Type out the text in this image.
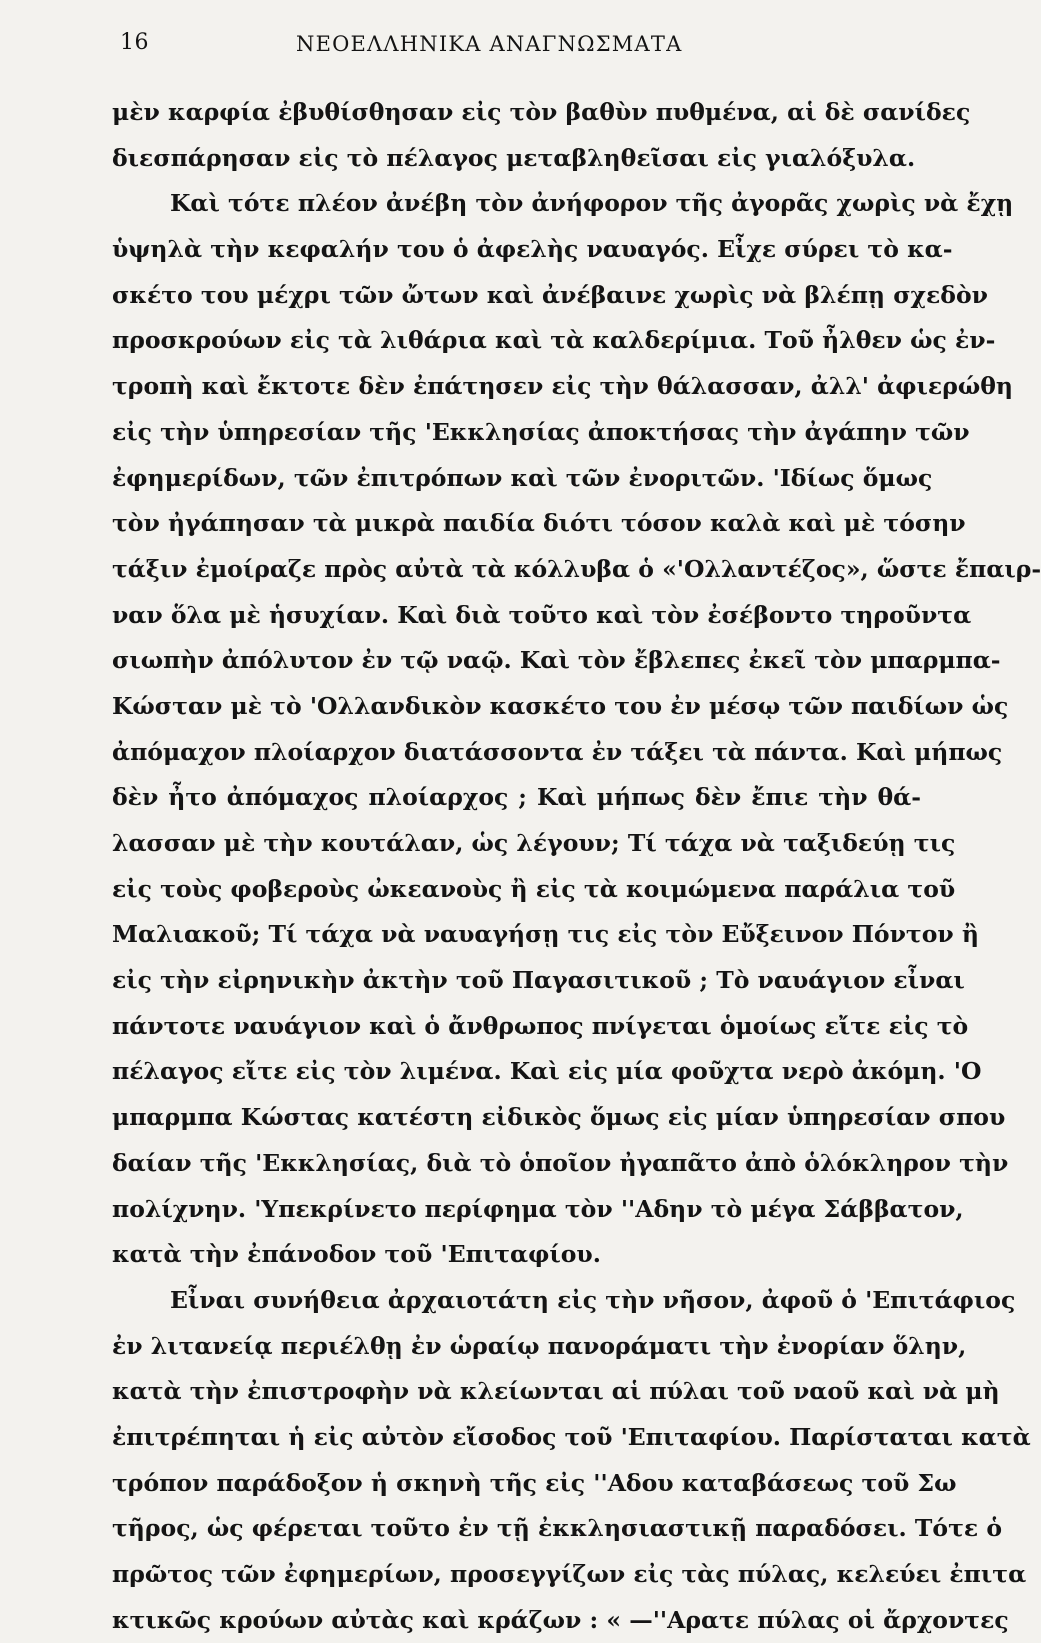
16	ΝΕΟΕΛΛΗΝΙΚΑ ΑΝΑΓΝΩΣΜΑΤΑ
μὲν καρφία ἐβυθίσθησαν εἰς τὸν βαθὺν πυθμένα, αἱ δὲ σανίδες
διεσπάρησαν εἰς τὸ πέλαγος μεταβληθεῖσαι εἰς γιαλόξυλα.
Καὶ τότε πλέον ἀνέβη τὸν ἀνήφορον τῆς ἀγορᾶς χωρὶς νὰ ἔχῃ
ὑψηλὰ τὴν κεφαλήν του ὁ ἀφελὴς ναυαγός. Εἶχε σύρει τὸ κα-
σκέτο του μέχρι τῶν ὤτων καὶ ἀνέβαινε χωρὶς νὰ βλέπῃ σχεδὸν
προσκρούων εἰς τὰ λιθάρια καὶ τὰ καλδερίμια. Τοῦ ἦλθεν ὡς ἐν-
τροπὴ καὶ ἔκτοτε δὲν ἐπάτησεν εἰς τὴν θάλασσαν, ἀλλ' ἀφιερώθη
εἰς τὴν ὑπηρεσίαν τῆς 'Εκκλησίας ἀποκτήσας τὴν ἀγάπην τῶν
ἐφημερίδων, τῶν ἐπιτρόπων καὶ τῶν ἐνοριτῶν. 'Ιδίως ὅμως
τὸν ἠγάπησαν τὰ μικρὰ παιδία διότι τόσον καλὰ καὶ μὲ τόσην
τάξιν ἐμοίραζε πρὸς αὐτὰ τὰ κόλλυβα ὁ «'Ολλαντέζος», ὥστε ἔπαιρ-
ναν ὅλα μὲ ἡσυχίαν. Καὶ διὰ τοῦτο καὶ τὸν ἐσέβοντο τηροῦντα
σιωπὴν ἀπόλυτον ἐν τῷ ναῷ. Καὶ τὸν ἔβλεπες ἐκεῖ τὸν μπαρμπα-
Κώσταν μὲ τὸ 'Ολλανδικὸν κασκέτο του ἐν μέσῳ τῶν παιδίων ὡς
ἀπόμαχον πλοίαρχον διατάσσοντα ἐν τάξει τὰ πάντα. Καὶ μήπως
δὲν ἦτο ἀπόμαχος πλοίαρχος ; Καὶ μήπως δὲν ἔπιε τὴν θά-
λασσαν μὲ τὴν κουτάλαν, ὡς λέγουν; Τί τάχα νὰ ταξιδεύῃ τις
εἰς τοὺς φοβεροὺς ὠκεανοὺς ἢ εἰς τὰ κοιμώμενα παράλια τοῦ
Μαλιακοῦ; Τί τάχα νὰ ναυαγήσῃ τις εἰς τὸν Εὔξεινον Πόντον ἢ
εἰς τὴν εἰρηνικὴν ἀκτὴν τοῦ Παγασιτικοῦ ; Τὸ ναυάγιον εἶναι
πάντοτε ναυάγιον καὶ ὁ ἄνθρωπος πνίγεται ὁμοίως εἴτε εἰς τὸ
πέλαγος εἴτε εἰς τὸν λιμένα. Καὶ εἰς μία φοῦχτα νερὸ ἀκόμη. 'Ο
μπαρμπα Κώστας κατέστη εἰδικὸς ὅμως εἰς μίαν ὑπηρεσίαν σπου
δαίαν τῆς 'Εκκλησίας, διὰ τὸ ὁποῖον ἠγαπᾶτο ἀπὸ ὁλόκληρον τὴν
πολίχνην. 'Υπεκρίνετο περίφημα τὸν ''Αδην τὸ μέγα Σάββατον,
κατὰ τὴν ἐπάνοδον τοῦ 'Επιταφίου.
Εἶναι συνήθεια ἀρχαιοτάτη εἰς τὴν νῆσον, ἀφοῦ ὁ 'Επιτάφιος
ἐν λιτανείᾳ περιέλθῃ ἐν ὡραίῳ πανοράματι τὴν ἐνορίαν ὅλην,
κατὰ τὴν ἐπιστροφὴν νὰ κλείωνται αἱ πύλαι τοῦ ναοῦ καὶ νὰ μὴ
ἐπιτρέπηται ἡ εἰς αὐτὸν εἴσοδος τοῦ 'Επιταφίου. Παρίσταται κατὰ
τρόπον παράδοξον ἡ σκηνὴ τῆς εἰς ''Αδου καταβάσεως τοῦ Σω
τῆρος, ὡς φέρεται τοῦτο ἐν τῇ ἐκκλησιαστικῇ παραδόσει. Τότε ὁ
πρῶτος τῶν ἐφημερίων, προσεγγίζων εἰς τὰς πύλας, κελεύει ἐπιτα
κτικῶς κρούων αὐτὰς καὶ κράζων : « —''Αρατε πύλας οἱ ἄρχοντες
